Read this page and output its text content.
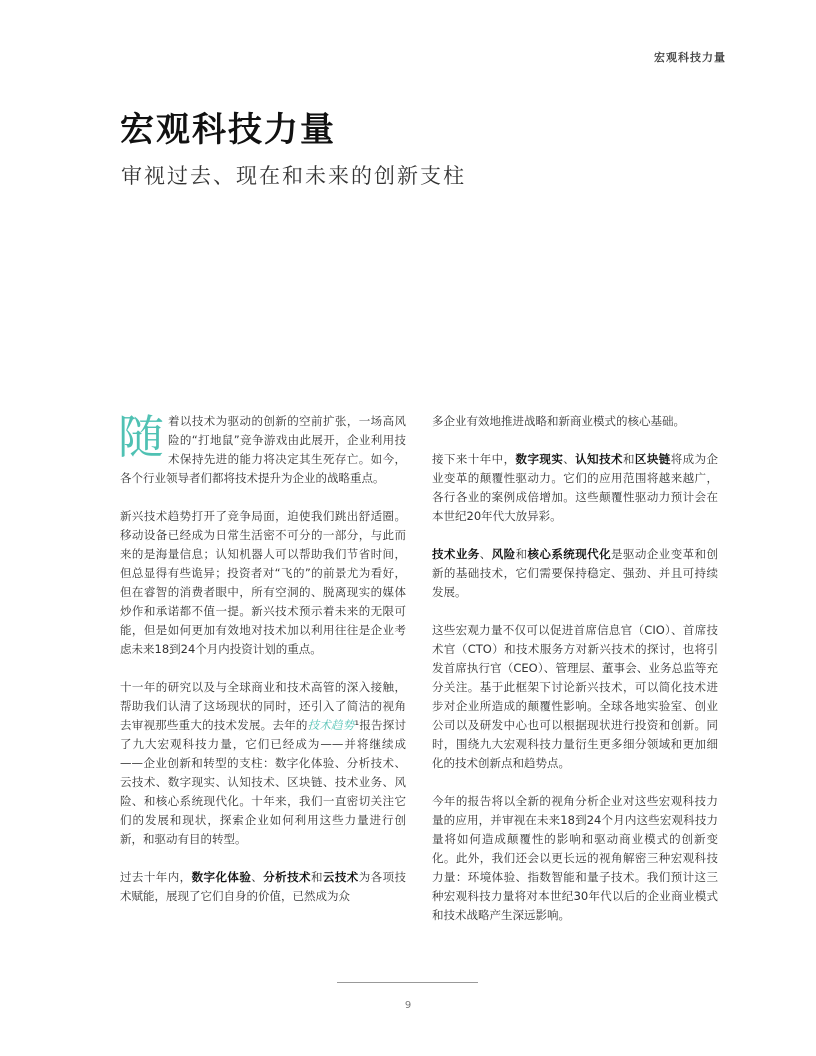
宏观科技力量
宏观科技力量
审视过去、现在和未来的创新支柱

随着以技术为驱动的创新的空前扩张，一场高风险的“打地鼠”竞争游戏由此展开，企业利用技术保持先进的能力将决定其生死存亡。如今，各个行业领导者们都将技术提升为企业的战略重点。

新兴技术趋势打开了竞争局面，迫使我们跳出舒适圈。移动设备已经成为日常生活密不可分的一部分，与此而来的是海量信息；认知机器人可以帮助我们节省时间，但总显得有些诡异；投资者对“飞的”的前景尤为看好，但在睿智的消费者眼中，所有空洞的、脱离现实的媒体炒作和承诺都不值一提。新兴技术预示着未来的无限可能，但是如何更加有效地对技术加以利用往往是企业考虑未来18到24个月内投资计划的重点。

十一年的研究以及与全球商业和技术高管的深入接触，帮助我们认清了这场现状的同时，还引入了简洁的视角去审视那些重大的技术发展。去年的技术趋势¹报告探讨了九大宏观科技力量，它们已经成为——并将继续成——企业创新和转型的支柱：数字化体验、分析技术、云技术、数字现实、认知技术、区块链、技术业务、风险、和核心系统现代化。十年来，我们一直密切关注它们的发展和现状，探索企业如何利用这些力量进行创新，和驱动有目的转型。

过去十年内，数字化体验、分析技术和云技术为各项技术赋能，展现了它们自身的价值，已然成为众

多企业有效地推进战略和新商业模式的核心基础。

接下来十年中，数字现实、认知技术和区块链将成为企业变革的颠覆性驱动力。它们的应用范围将越来越广，各行各业的案例成倍增加。这些颠覆性驱动力预计会在本世纪20年代大放异彩。

技术业务、风险和核心系统现代化是驱动企业变革和创新的基础技术，它们需要保持稳定、强劲、并且可持续发展。

这些宏观力量不仅可以促进首席信息官（CIO）、首席技术官（CTO）和技术服务方对新兴技术的探讨，也将引发首席执行官（CEO）、管理层、董事会、业务总监等充分关注。基于此框架下讨论新兴技术，可以简化技术进步对企业所造成的颠覆性影响。全球各地实验室、创业公司以及研发中心也可以根据现状进行投资和创新。同时，围绕九大宏观科技力量衍生更多细分领域和更加细化的技术创新点和趋势点。

今年的报告将以全新的视角分析企业对这些宏观科技力量的应用，并审视在未来18到24个月内这些宏观科技力量将如何造成颠覆性的影响和驱动商业模式的创新变化。此外，我们还会以更长远的视角解密三种宏观科技力量：环境体验、指数智能和量子技术。我们预计这三种宏观科技力量将对本世纪30年代以后的企业商业模式和技术战略产生深远影响。

9
